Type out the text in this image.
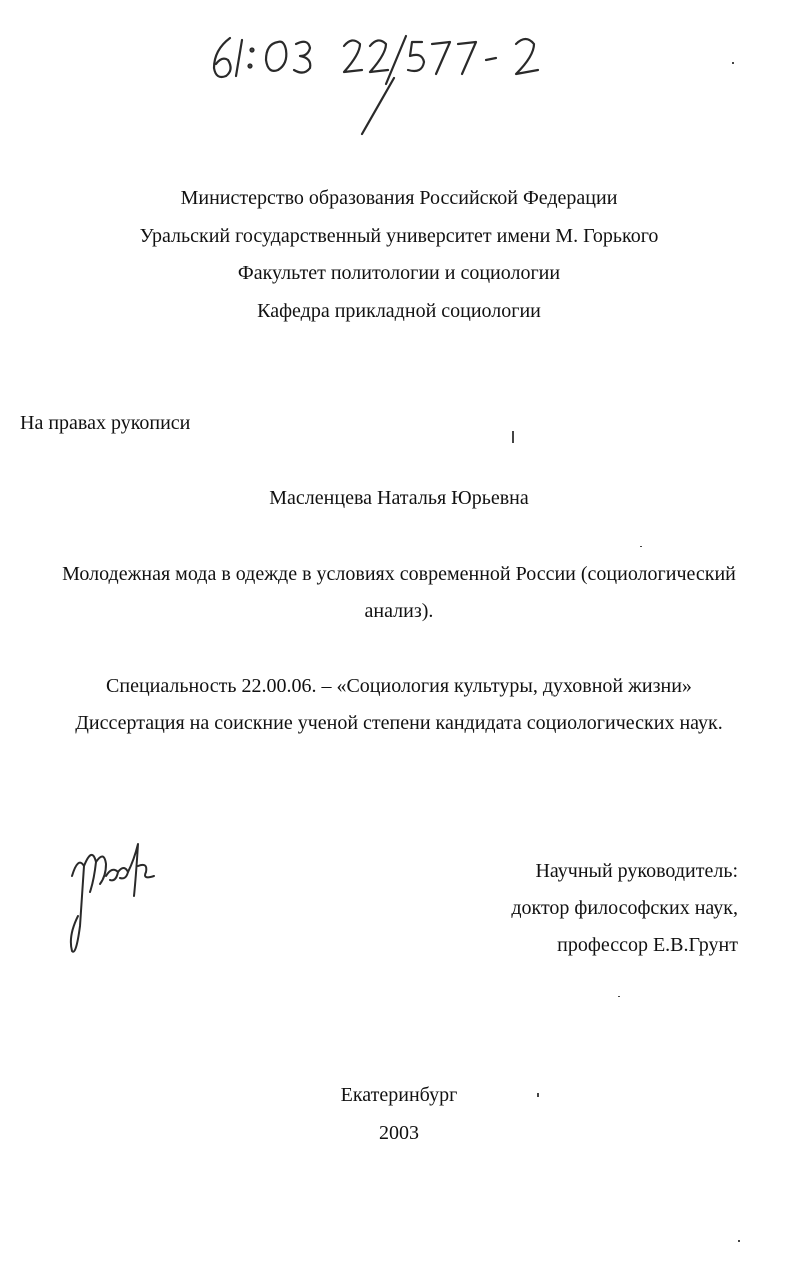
Министерство образования Российской Федерации
Уральский государственный университет имени М. Горького
Факультет политологии и социологии
Кафедра прикладной социологии
На правах рукописи
Масленцева Наталья Юрьевна
Молодежная мода в одежде в условиях современной России (социологический
анализ).
Специальность 22.00.06. – «Социология культуры, духовной жизни»
Диссертация на соискние ученой степени кандидата социологических наук.
Научный руководитель:
доктор философских наук,
профессор Е.В.Грунт
Екатеринбург
2003
